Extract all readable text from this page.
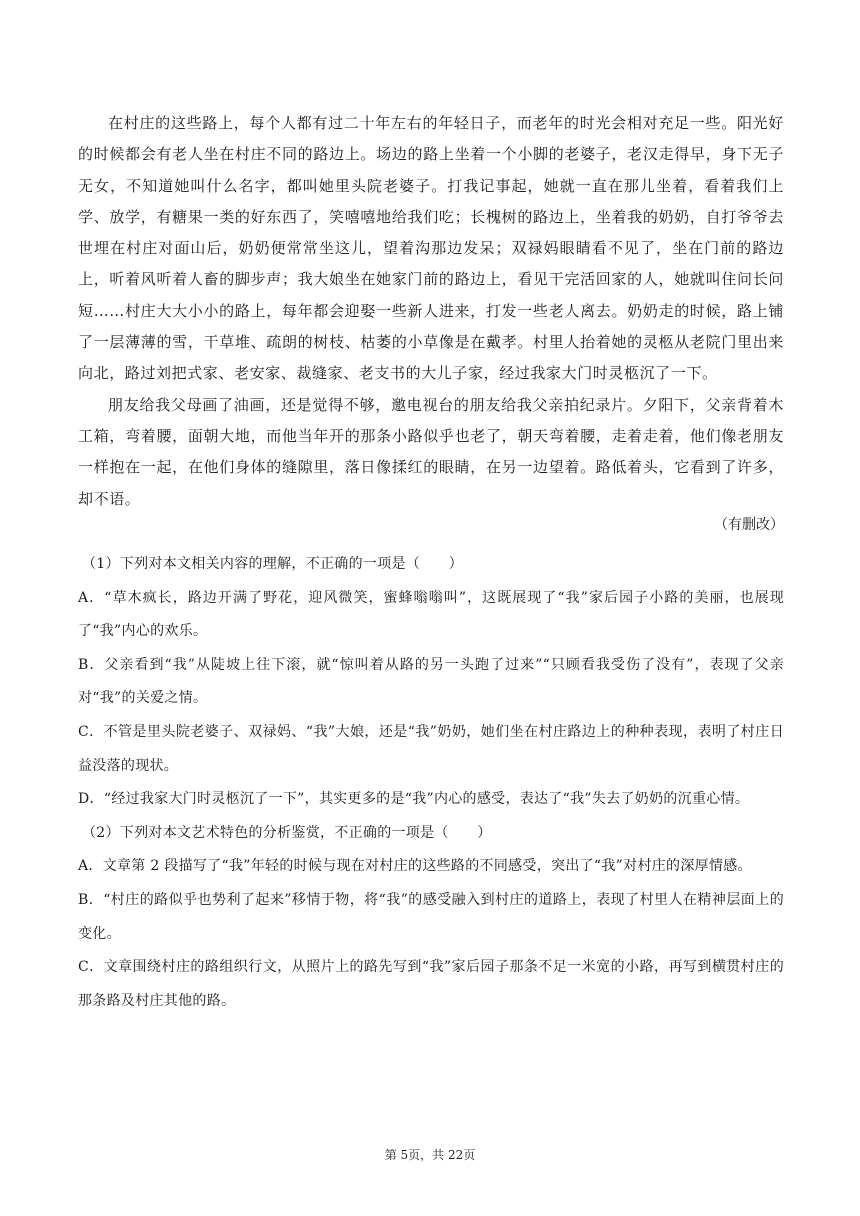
在村庄的这些路上，每个人都有过二十年左右的年轻日子，而老年的时光会相对充足一些。阳光好的时候都会有老人坐在村庄不同的路边上。场边的路上坐着一个小脚的老婆子，老汉走得早，身下无子无女，不知道她叫什么名字，都叫她里头院老婆子。打我记事起，她就一直在那儿坐着，看着我们上学、放学，有糖果一类的好东西了，笑嘻嘻地给我们吃；长槐树的路边上，坐着我的奶奶，自打爷爷去世埋在村庄对面山后，奶奶便常常坐这儿，望着沟那边发呆；双禄妈眼睛看不见了，坐在门前的路边上，听着风听着人畜的脚步声；我大娘坐在她家门前的路边上，看见干完活回家的人，她就叫住问长问短……村庄大大小小的路上，每年都会迎娶一些新人进来，打发一些老人离去。奶奶走的时候，路上铺了一层薄薄的雪，干草堆、疏朗的树枝、枯萎的小草像是在戴孝。村里人抬着她的灵柩从老院门里出来向北，路过刘把式家、老安家、裁缝家、老支书的大儿子家，经过我家大门时灵柩沉了一下。

朋友给我父母画了油画，还是觉得不够，邀电视台的朋友给我父亲拍纪录片。夕阳下，父亲背着木工箱，弯着腰，面朝大地，而他当年开的那条小路似乎也老了，朝天弯着腰，走着走着，他们像老朋友一样抱在一起，在他们身体的缝隙里，落日像揉红的眼睛，在另一边望着。路低着头，它看到了许多，却不语。

（有删改）

（1）下列对本文相关内容的理解，不正确的一项是（　　）

A．“草木疯长，路边开满了野花，迎风微笑，蜜蜂嗡嗡叫”，这既展现了“我”家后园子小路的美丽，也展现了“我”内心的欢乐。

B．父亲看到“我”从陡坡上往下滚，就“惊叫着从路的另一头跑了过来”“只顾看我受伤了没有”，表现了父亲对“我”的关爱之情。

C．不管是里头院老婆子、双禄妈、“我”大娘，还是“我”奶奶，她们坐在村庄路边上的种种表现，表明了村庄日益没落的现状。

D．“经过我家大门时灵柩沉了一下”，其实更多的是“我”内心的感受，表达了“我”失去了奶奶的沉重心情。

（2）下列对本文艺术特色的分析鉴赏，不正确的一项是（　　）

A．文章第 2 段描写了“我”年轻的时候与现在对村庄的这些路的不同感受，突出了“我”对村庄的深厚情感。

B．“村庄的路似乎也势利了起来”移情于物，将“我”的感受融入到村庄的道路上，表现了村里人在精神层面上的变化。

C．文章围绕村庄的路组织行文，从照片上的路先写到“我”家后园子那条不足一米宽的小路，再写到横贯村庄的那条路及村庄其他的路。

第 5页，共 22页
